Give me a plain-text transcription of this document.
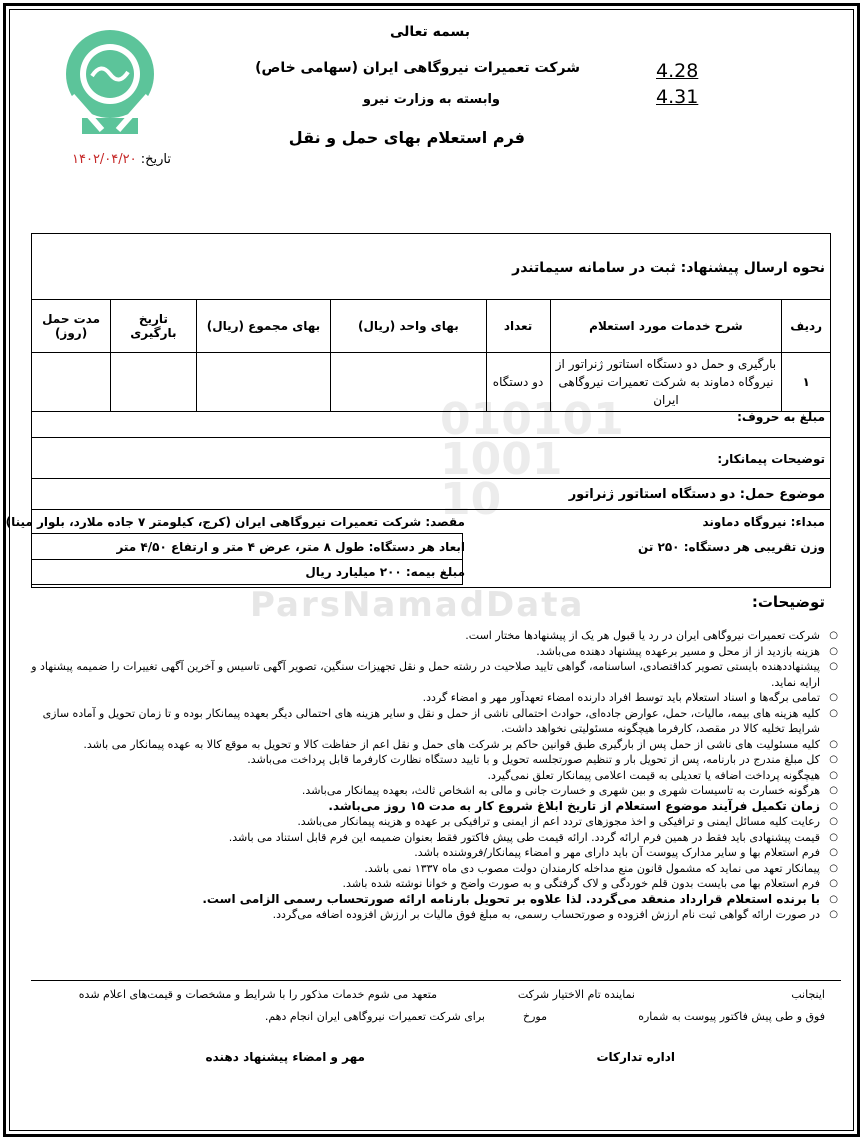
010101
1001
10
ParsNamadData
بسمه تعالی
شرکت تعمیرات نیروگاهی ایران (سهامی خاص)
وابسته به وزارت نیرو
فرم استعلام بهای حمل و نقل
4.28
4.31
تاریخ: ۱۴۰۲/۰۴/۲۰
نحوه ارسال پیشنهاد: ثبت در سامانه سیماتندر
ردیف	شرح خدمات مورد استعلام	تعداد	بهای واحد (ریال)	بهای مجموع (ریال)	تاریخ بارگیری	مدت حمل (روز)
۱	بارگیری و حمل دو دستگاه استاتور ژنراتور از نیروگاه دماوند به شرکت تعمیرات نیروگاهی ایران	دو دستگاه				
مبلغ به حروف:
توضیحات پیمانکار:
موضوع حمل: دو دستگاه استاتور ژنراتور
مبداء: نیروگاه دماوند
مقصد: شرکت تعمیرات نیروگاهی ایران (کرج، کیلومتر ۷ جاده ملارد، بلوار مینا)
وزن تقریبی هر دستگاه: ۲۵۰ تن
ابعاد هر دستگاه: طول ۸ متر، عرض ۴ متر و ارتفاع ۴/۵۰ متر
مبلغ بیمه: ۲۰۰ میلیارد ریال
توضیحات:
○ شرکت تعمیرات نیروگاهی ایران در رد یا قبول هر یک از پیشنهادها مختار است.
○ هزینه بازدید از از محل و مسیر برعهده پیشنهاد دهنده می‌باشد.
○ پیشنهاددهنده بایستی تصویر کداقتصادی، اساسنامه، گواهی تایید صلاحیت در رشته حمل و نقل تجهیزات سنگین، تصویر آگهی تاسیس و آخرین آگهی تغییرات را ضمیمه پیشنهاد و ارایه نماید.
○ تمامی برگه‌ها و اسناد استعلام باید توسط افراد دارنده امضاء تعهدآور مهر و امضاء گردد.
○ کلیه هزینه های بیمه، مالیات، حمل، عوارض جاده‌ای، حوادث احتمالی ناشی از حمل و نقل و سایر هزینه های احتمالی دیگر بعهده پیمانکار بوده و تا زمان تحویل و آماده سازی شرایط تخلیه کالا در مقصد، کارفرما هیچگونه مسئولیتی نخواهد داشت.
○ کلیه مسئولیت های ناشی از حمل پس از بارگیری طبق قوانین حاکم بر شرکت های حمل و نقل اعم از حفاظت کالا و تحویل به موقع کالا به عهده پیمانکار می باشد.
○ کل مبلغ مندرج در بارنامه، پس از تحویل بار و تنظیم صورتجلسه تحویل و با تایید دستگاه نظارت کارفرما قابل پرداخت می‌باشد.
○ هیچگونه پرداخت اضافه یا تعدیلی به قیمت اعلامی پیمانکار تعلق نمی‌گیرد.
○ هرگونه خسارت به تاسیسات شهری و بین شهری و خسارت جانی و مالی به اشخاص ثالث، بعهده پیمانکار می‌باشد.
○ زمان تکمیل فرآیند موضوع استعلام از تاریخ ابلاغ شروع کار به مدت ۱۵ روز می‌باشد.
○ رعایت کلیه مسائل ایمنی و ترافیکی و اخذ مجوزهای تردد اعم از ایمنی و ترافیکی بر عهده و هزینه پیمانکار می‌باشد.
○ قیمت پیشنهادی باید فقط در همین فرم ارائه گردد. ارائه قیمت طی پیش فاکتور فقط بعنوان ضمیمه این فرم قابل استناد می باشد.
○ فرم استعلام بها و سایر مدارک پیوست آن باید دارای مهر و امضاء پیمانکار/فروشنده باشد.
○ پیمانکار تعهد می نماید که مشمول قانون منع مداخله کارمندان دولت مصوب دی ماه ۱۳۳۷ نمی باشد.
○ فرم استعلام بها می بایست بدون قلم خوردگی و لاک گرفتگی و به صورت واضح و خوانا نوشته شده باشد.
○ با برنده استعلام قرارداد منعقد می‌گردد. لذا علاوه بر تحویل بارنامه ارائه صورتحساب رسمی الزامی است.
○ در صورت ارائه گواهی ثبت نام ارزش افزوده و صورتحساب رسمی، به مبلغ فوق مالیات بر ارزش افزوده اضافه می‌گردد.
اینجانب
نماینده تام الاختیار شرکت
متعهد می شوم خدمات مذکور را با شرایط و مشخصات و قیمت‌های اعلام شده
فوق و طی پیش فاکتور پیوست به شماره
مورخ
برای شرکت تعمیرات نیروگاهی ایران انجام دهم.
اداره تدارکات
مهر و امضاء پیشنهاد دهنده
